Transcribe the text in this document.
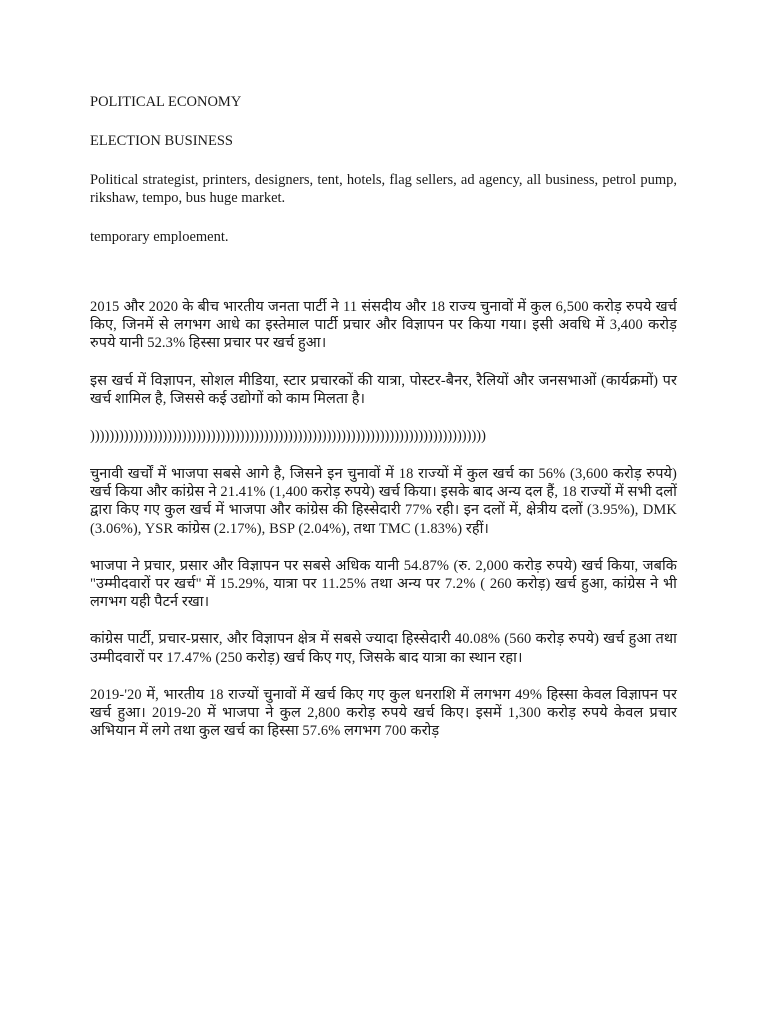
POLITICAL ECONOMY

ELECTION BUSINESS

Political strategist, printers, designers, tent, hotels, flag sellers, ad agency, all business, petrol pump, rikshaw, tempo, bus huge market.

temporary emploement.

2015 और 2020 के बीच भारतीय जनता पार्टी ने 11 संसदीय और 18 राज्य चुनावों में कुल 6,500 करोड़ रुपये खर्च किए, जिनमें से लगभग आधे का इस्तेमाल पार्टी प्रचार और विज्ञापन पर किया गया। इसी अवधि में 3,400 करोड़ रुपये यानी 52.3% हिस्सा प्रचार पर खर्च हुआ।

इस खर्च में विज्ञापन, सोशल मीडिया, स्टार प्रचारकों की यात्रा, पोस्टर-बैनर, रैलियों और जनसभाओं (कार्यक्रमों) पर खर्च शामिल है, जिससे कई उद्योगों को काम मिलता है।

))))))))))))))))))))))))))))))))))))))))))))))))))))))))))))))))))))))))))))))))))

चुनावी खर्चों में भाजपा सबसे आगे है, जिसने इन चुनावों में 18 राज्यों में कुल खर्च का 56% (3,600 करोड़ रुपये) खर्च किया और कांग्रेस ने 21.41% (1,400 करोड़ रुपये) खर्च किया। इसके बाद अन्य दल हैं, 18 राज्यों में सभी दलों द्वारा किए गए कुल खर्च में भाजपा और कांग्रेस की हिस्सेदारी 77% रही। इन दलों में, क्षेत्रीय दलों (3.95%), DMK (3.06%), YSR कांग्रेस (2.17%), BSP (2.04%), तथा TMC (1.83%) रहीं।

भाजपा ने प्रचार, प्रसार और विज्ञापन पर सबसे अधिक यानी 54.87% (रु. 2,000 करोड़ रुपये) खर्च किया, जबकि "उम्मीदवारों पर खर्च" में 15.29%, यात्रा पर 11.25% तथा अन्य पर 7.2% ( 260 करोड़) खर्च हुआ, कांग्रेस ने भी लगभग यही पैटर्न रखा।

कांग्रेस पार्टी, प्रचार-प्रसार, और विज्ञापन क्षेत्र में सबसे ज्यादा हिस्सेदारी 40.08% (560 करोड़ रुपये) खर्च हुआ तथा उम्मीदवारों पर 17.47% (250 करोड़) खर्च किए गए, जिसके बाद यात्रा का स्थान रहा।

2019-'20 में, भारतीय 18 राज्यों चुनावों में खर्च किए गए कुल धनराशि में लगभग 49% हिस्सा केवल विज्ञापन पर खर्च हुआ। 2019-20 में भाजपा ने कुल 2,800 करोड़ रुपये खर्च किए। इसमें 1,300 करोड़ रुपये केवल प्रचार अभियान में लगे तथा कुल खर्च का हिस्सा 57.6% लगभग 700 करोड़
